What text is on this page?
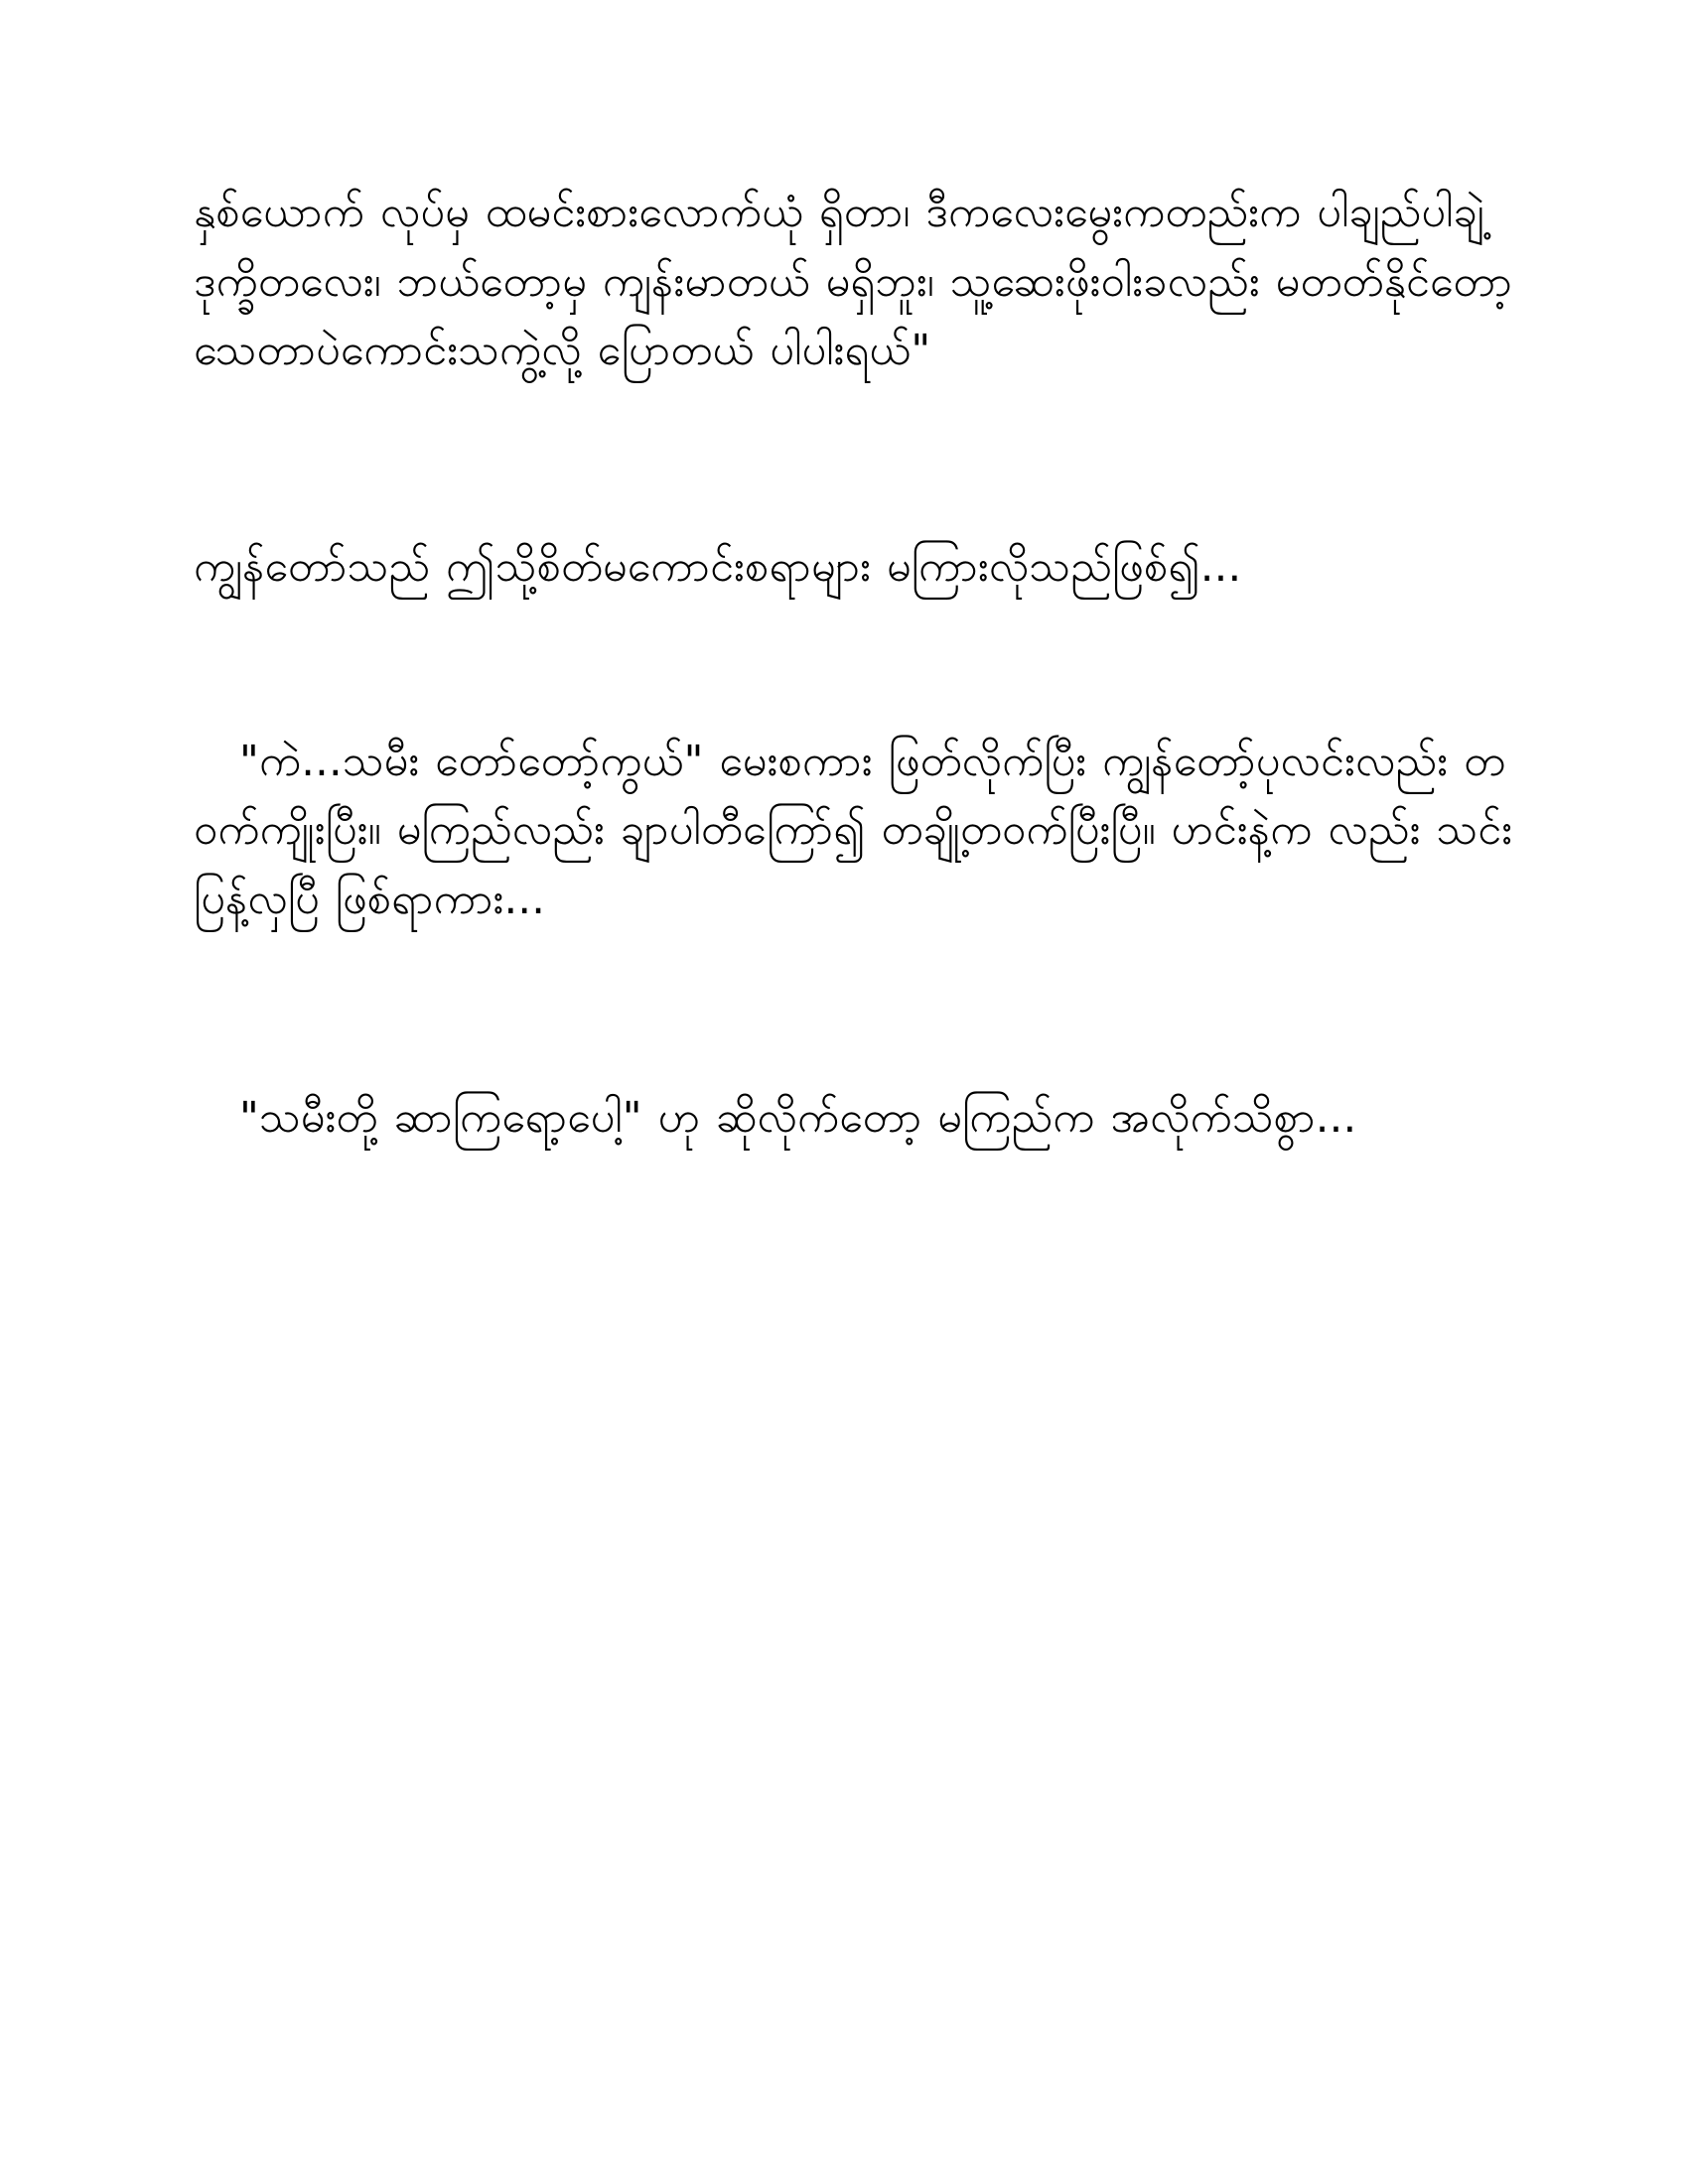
နှစ်ယောက် လုပ်မှ ထမင်းစားလောက်ယုံ ရှိတာ၊ ဒီကလေးမွေးကတည်းက ပါချည်ပါချဲ့ ဒုက္ခိတလေး၊ ဘယ်တော့မှ ကျန်းမာတယ် မရှိဘူး၊ သူ့ဆေးဖိုးဝါးခလည်း မတတ်နိုင်တော့ သေတာပဲကောင်းသကွဲ့လို့ ပြောတယ် ပါပါးရယ်"

ကျွန်တော်သည် ဤသို့စိတ်မကောင်းစရာများ မကြားလိုသည်ဖြစ်၍...

"ကဲ...သမီး တော်တော့်ကွယ်" မေးစကား ဖြတ်လိုက်ပြီး ကျွန်တော့်ပုလင်းလည်း တဝက်ကျိုးပြီး။ မကြည်လည်း ချာပါတီကြော်၍ တချို့တဝက်ပြီးပြီ။ ဟင်းနဲ့က လည်း သင်းပြန့်လှပြီ ဖြစ်ရာကား...

"သမီးတို့ ဆာကြရော့ပေါ့" ဟု ဆိုလိုက်တော့ မကြည်က အလိုက်သိစွာ...
